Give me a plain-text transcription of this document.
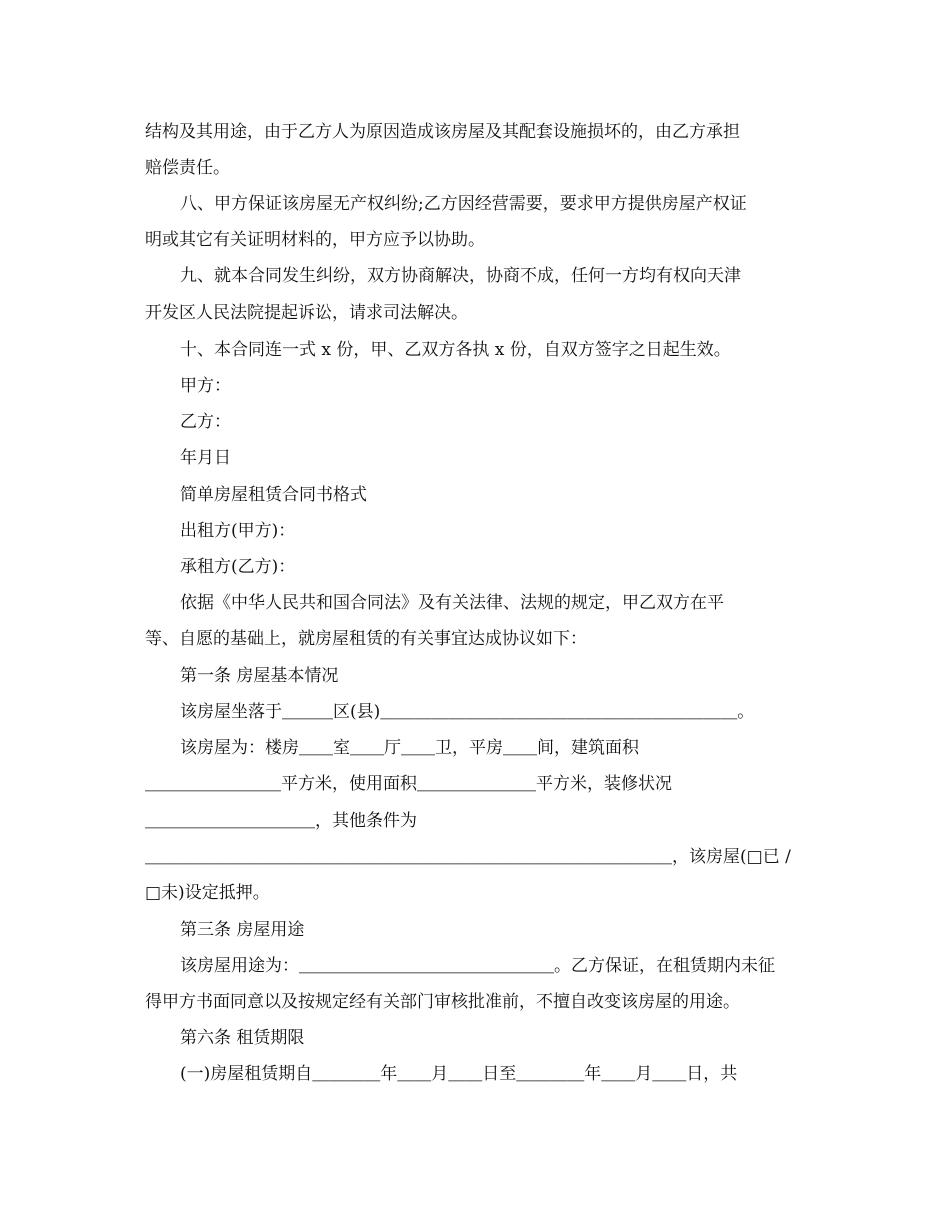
结构及其用途，由于乙方人为原因造成该房屋及其配套设施损坏的，由乙方承担
赔偿责任。
八、甲方保证该房屋无产权纠纷;乙方因经营需要，要求甲方提供房屋产权证
明或其它有关证明材料的，甲方应予以协助。
九、就本合同发生纠纷，双方协商解决，协商不成，任何一方均有权向天津
开发区人民法院提起诉讼，请求司法解决。
十、本合同连一式 x 份，甲、乙双方各执 x 份，自双方签字之日起生效。
甲方：
乙方：
年月日
简单房屋租赁合同书格式
出租方(甲方)：
承租方(乙方)：
依据《中华人民共和国合同法》及有关法律、法规的规定，甲乙双方在平
等、自愿的基础上，就房屋租赁的有关事宜达成协议如下：
第一条 房屋基本情况
该房屋坐落于＿＿＿区(县)＿＿＿＿＿＿＿＿＿＿＿＿＿＿＿＿＿＿＿＿＿。
该房屋为：楼房＿＿室＿＿厅＿＿卫，平房＿＿间，建筑面积
＿＿＿＿＿＿＿＿平方米，使用面积＿＿＿＿＿＿＿平方米，装修状况
＿＿＿＿＿＿＿＿＿＿，其他条件为
＿＿＿＿＿＿＿＿＿＿＿＿＿＿＿＿＿＿＿＿＿＿＿＿＿＿＿＿＿＿＿，该房屋(□已 /
□未)设定抵押。
第三条 房屋用途
该房屋用途为：＿＿＿＿＿＿＿＿＿＿＿＿＿＿＿。乙方保证，在租赁期内未征
得甲方书面同意以及按规定经有关部门审核批准前，不擅自改变该房屋的用途。
第六条 租赁期限
(一)房屋租赁期自＿＿＿＿年＿＿月＿＿日至＿＿＿＿年＿＿月＿＿日，共
